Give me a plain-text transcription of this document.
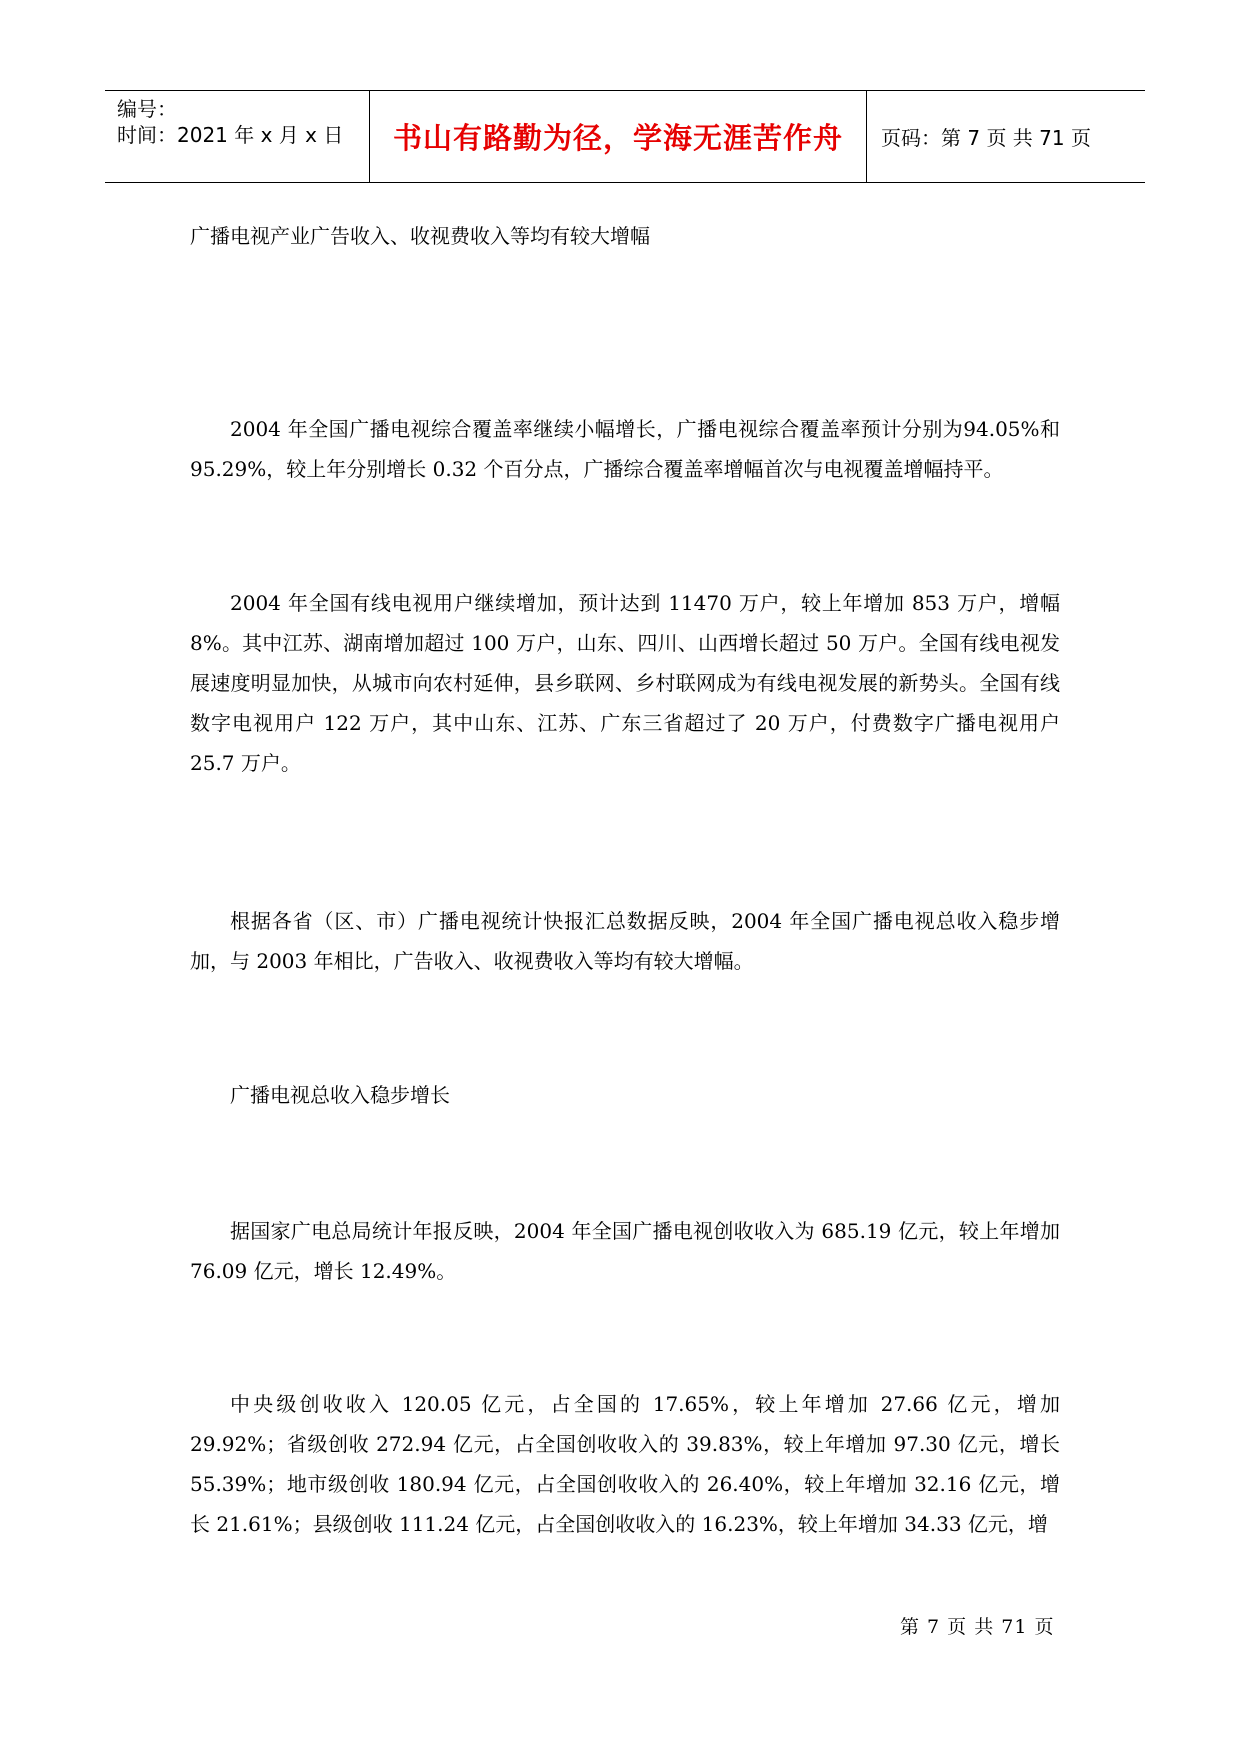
编号：
时间：2021 年 x 月 x 日 书山有路勤为径，学海无涯苦作舟	页码：第 7 页 共 71 页

广播电视产业广告收入、收视费收入等均有较大增幅

2004 年全国广播电视综合覆盖率继续小幅增长，广播电视综合覆盖率预计分别为94.05%和 95.29%，较上年分别增长 0.32 个百分点，广播综合覆盖率增幅首次与电视覆盖增幅持平。

2004 年全国有线电视用户继续增加，预计达到 11470 万户，较上年增加 853 万户，增幅 8%。其中江苏、湖南增加超过 100 万户，山东、四川、山西增长超过 50 万户。全国有线电视发展速度明显加快，从城市向农村延伸，县乡联网、乡村联网成为有线电视发展的新势头。全国有线数字电视用户 122 万户，其中山东、江苏、广东三省超过了 20 万户，付费数字广播电视用户 25.7 万户。

根据各省（区、市）广播电视统计快报汇总数据反映，2004 年全国广播电视总收入稳步增加，与 2003 年相比，广告收入、收视费收入等均有较大增幅。

广播电视总收入稳步增长

据国家广电总局统计年报反映，2004 年全国广播电视创收收入为 685.19 亿元，较上年增加 76.09 亿元，增长 12.49%。

中央级创收收入 120.05 亿元，占全国的 17.65%，较上年增加 27.66 亿元，增加 29.92%；省级创收 272.94 亿元，占全国创收收入的 39.83%，较上年增加 97.30 亿元，增长 55.39%；地市级创收 180.94 亿元，占全国创收收入的 26.40%，较上年增加 32.16 亿元，增长 21.61%；县级创收 111.24 亿元，占全国创收收入的 16.23%，较上年增加 34.33 亿元，增

第 7 页 共 71 页
